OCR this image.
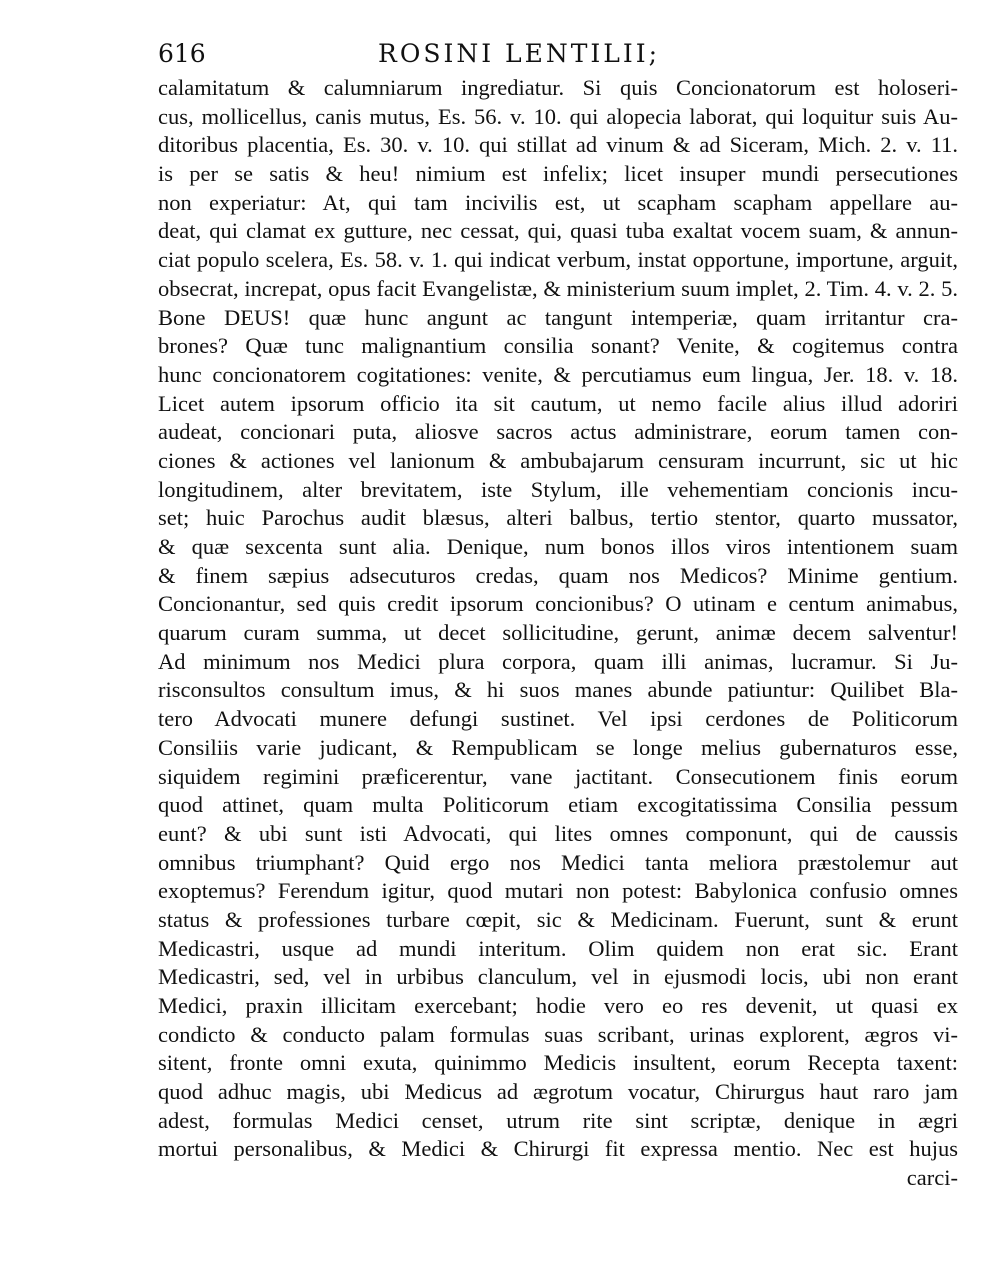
616	ROSINI LENTILII;
calamitatum & calumniarum ingrediatur. Si quis Concionatorum est holoseri-
cus, mollicellus, canis mutus, Es. 56. v. 10. qui alopecia laborat, qui loquitur suis Au-
ditoribus placentia, Es. 30. v. 10. qui stillat ad vinum & ad Siceram, Mich. 2. v. 11.
is per se satis & heu! nimium est infelix; licet insuper mundi persecutiones
non experiatur: At, qui tam incivilis est, ut scapham scapham appellare au-
deat, qui clamat ex gutture, nec cessat, qui, quasi tuba exaltat vocem suam, & annun-
ciat populo scelera, Es. 58. v. 1. qui indicat verbum, instat opportune, importune, arguit,
obsecrat, increpat, opus facit Evangelistæ, & ministerium suum implet, 2. Tim. 4. v. 2. 5.
Bone DEUS! quæ hunc angunt ac tangunt intemperiæ, quam irritantur cra-
brones? Quæ tunc malignantium consilia sonant? Venite, & cogitemus contra
hunc concionatorem cogitationes: venite, & percutiamus eum lingua, Jer. 18. v. 18.
Licet autem ipsorum officio ita sit cautum, ut nemo facile alius illud adoriri
audeat, concionari puta, aliosve sacros actus administrare, eorum tamen con-
ciones & actiones vel lanionum & ambubajarum censuram incurrunt, sic ut hic
longitudinem, alter brevitatem, iste Stylum, ille vehementiam concionis incu-
set; huic Parochus audit blæsus, alteri balbus, tertio stentor, quarto mussator,
& quæ sexcenta sunt alia. Denique, num bonos illos viros intentionem suam
& finem sæpius adsecuturos credas, quam nos Medicos? Minime gentium.
Concionantur, sed quis credit ipsorum concionibus? O utinam e centum animabus,
quarum curam summa, ut decet sollicitudine, gerunt, animæ decem salventur!
Ad minimum nos Medici plura corpora, quam illi animas, lucramur. Si Ju-
risconsultos consultum imus, & hi suos manes abunde patiuntur: Quilibet Bla-
tero Advocati munere defungi sustinet. Vel ipsi cerdones de Politicorum
Consiliis varie judicant, & Rempublicam se longe melius gubernaturos esse,
siquidem regimini præficerentur, vane jactitant. Consecutionem finis eorum
quod attinet, quam multa Politicorum etiam excogitatissima Consilia pessum
eunt? & ubi sunt isti Advocati, qui lites omnes componunt, qui de caussis
omnibus triumphant? Quid ergo nos Medici tanta meliora præstolemur aut
exoptemus? Ferendum igitur, quod mutari non potest: Babylonica confusio omnes
status & professiones turbare cœpit, sic & Medicinam. Fuerunt, sunt & erunt
Medicastri, usque ad mundi interitum. Olim quidem non erat sic. Erant
Medicastri, sed, vel in urbibus clanculum, vel in ejusmodi locis, ubi non erant
Medici, praxin illicitam exercebant; hodie vero eo res devenit, ut quasi ex
condicto & conducto palam formulas suas scribant, urinas explorent, ægros vi-
sitent, fronte omni exuta, quinimmo Medicis insultent, eorum Recepta taxent:
quod adhuc magis, ubi Medicus ad ægrotum vocatur, Chirurgus haut raro jam
adest, formulas Medici censet, utrum rite sint scriptæ, denique in ægri
mortui personalibus, & Medici & Chirurgi fit expressa mentio. Nec est hujus
carci-
